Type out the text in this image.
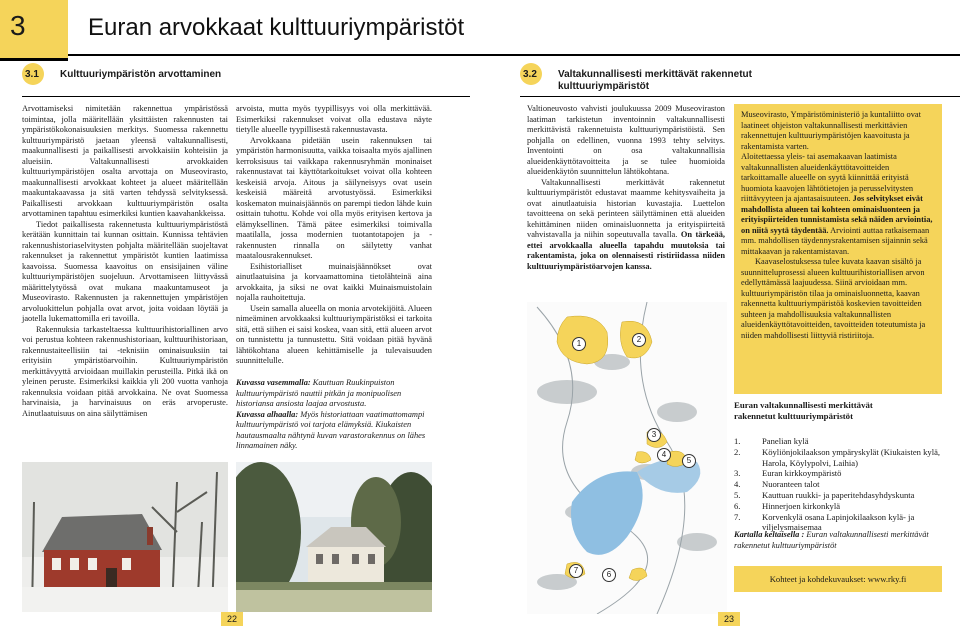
3	Euran arvokkaat kulttuuriympäristöt
3.1 Kulttuuriympäristön arvottaminen	3.2 Valtakunnallisesti merkittävät rakennetut
kulttuuriympäristöt

Arvottamiseksi nimitetään rakennettua ympäristössä toimintaa, jolla määritellään yksittäisten rakennusten tai ympäristökokonaisuuksien merkitys. Suomessa rakennettu kulttuuriympäristö jaetaan yleensä valtakunnallisesti, maakunnallisesti ja paikallisesti arvokkaisiin kohteisiin ja alueisiin. Valtakunnallisesti arvokkaiden kulttuuriympäristöjen osalta arvottaja on Museovirasto, maakunnallisesti arvokkaat kohteet ja alueet määritellään maakuntakaavassa ja sitä varten tehdyssä selvityksessä. Paikallisesti arvokkaan kulttuuriympäristön osalta arvottaminen tapahtuu esimerkiksi kuntien kaavahankkeissa.

Tiedot paikallisesta rakennetusta kulttuuriympäristöstä kerätään kunnittain tai kunnan osittain. Kunnissa tehtävien rakennushistoriaselvitysten pohjalta määritellään suojeltavat rakennukset ja rakennettut ympäristöt kuntien laatimissa kaavoissa. Suomessa kaavoitus on ensisijainen väline kulttuuriympäristöjen suojeluun. Arvottamiseen liittyvässä määrittelytyössä ovat mukana maakuntamuseot ja Museovirasto. Rakennusten ja rakennettujen ympäristöjen arvoluokittelun pohjalla ovat arvot, joita voidaan löytää ja jaotella lukemattomilla eri tavoilla.

Rakennuksia tarkasteltaessa kulttuurihistoriallinen arvo voi perustua kohteen rakennushistoriaan, kulttuurihistoriaan, rakennustaiteellisiin tai -teknisiin ominaisuuksiin tai erityisiin ympäristöarvoihin. Kulttuuriympäristön merkittävyyttä arvioidaan muillakin perusteilla. Pitkä ikä on yleinen peruste. Esimerkiksi kaikkia yli 200 vuotta vanhoja rakennuksia voidaan pitää arvokkaina. Ne ovat Suomessa harvinaisia, ja harvinaisuus on eräs arvoperuste. Ainutlaatuisuus on aina säilyttämisen

arvoista, mutta myös tyypillisyys voi olla merkittävää. Esimerkiksi rakennukset voivat olla edustava näyte tietylle alueelle tyypillisestä rakennustavasta.

Arvokkaana pidetään usein rakennuksen tai ympäristön harmonisuutta, vaikka toisaalta myös ajallinen kerroksisuus tai vaikkapa rakennusryhmän moninaiset rakennustavat tai käyttötarkoitukset voivat olla kohteen keskeisiä arvoja. Aitous ja säilyneisyys ovat usein keskeisiä määreitä arvotustyössä. Esimerkiksi koskematon muinaisjäännös on parempi tiedon lähde kuin osittain tuhottu. Kohde voi olla myös erityisen kertova ja elämyksellinen. Tämä pätee esimerkiksi toimivalla maatilalla, jossa modernien tuotantotapojen ja -rakennusten rinnalla on säilytetty vanhat maatalousrakennukset.

Esihistorialliset muinaisjäännökset ovat ainutlaatuisina ja korvaamattomina tietolähteinä aina arvokkaita, ja siksi ne ovat kaikki Muinaismuistolain nojalla rauhoitettuja.

Usein samalla alueella on monia arvotekijöitä. Alueen nimeäminen arvokkaaksi kulttuuriympäristöksi ei tarkoita sitä, että siihen ei saisi koskea, vaan sitä, että alueen arvot on tunnistettu ja tunnustettu. Sitä voidaan pitää hyvänä lähtökohtana alueen kehittämiselle ja tulevaisuuden suunnittelulle.

Kuvassa vasemmalla: Kauttuan Ruukinpuiston kulttuuriympäristö nauttii pitkän ja monipuolisen historiansa ansiosta laajaa arvostusta.
Kuvassa alhaalla: Myös historiattaan vaatimattomampi kulttuuriympäristö voi tarjota elämyksiä. Kiukaisten hautausmaalta nähtynä kuvan varastorakennus on lähes linnamainen näky.

Valtioneuvosto vahvisti joulukuussa 2009 Museoviraston laatiman tarkistetun inventoinnin valtakunnallisesti merkittävistä rakennetuista kulttuuriympäristöistä. Sen pohjalla on edellinen, vuonna 1993 tehty selvitys. Inventointi on osa valtakunnallisia alueidenkäyttötavoitteita ja se tulee huomioida alueidenkäytön suunnittelun lähtökohtana.

Valtakunnallisesti merkittävät rakennetut kulttuuriympäristöt edustavat maamme kehitysvaiheita ja ovat ainutlaatuisia historian kuvastajia. Luettelon tavoitteena on sekä perinteen säilyttäminen että alueiden kehittäminen niiden ominaisluonnetta ja erityispiirteitä vahvistavalla ja niihin sopeutuvalla tavalla. On tärkeää, ettei arvokkaalla alueella tapahdu muutoksia tai rakentamista, joka on olennaisesti ristiriidassa niiden kulttuuriympäristöarvojen kanssa.

1	2
3
4
5
6
7

Museovirasto, Ympäristöministeriö ja kuntaliitto ovat laatineet ohjeiston valtakunnallisesti merkittävien rakennettujen kulttuuriympäristöjen kaavoitusta ja rakentamista varten.

Aloitettaessa yleis- tai asemakaavan laatimista valtakunnallisten alueidenkäyttötavoitteiden tarkoittamalle alueelle on syytä kiinnittää erityistä huomiota kaavojen lähtötietojen ja perusselvitysten riittävyyteen ja ajantasaisuuteen. Jos selvitykset eivät mahdollista alueen tai kohteen ominaisluonteen ja erityispiirteiden tunnistamista sekä näiden arviointia, on niitä syytä täydentää. Arviointi auttaa ratkaisemaan mm. mahdollisen täydennysrakentamisen sijainnin sekä mittakaavan ja rakentamistavan.

Kaavaselostuksessa tulee kuvata kaavan sisältö ja suunnitteluprosessi alueen kulttuurihistoriallisen arvon edellyttämässä laajuudessa. Siinä arvioidaan mm. kulttuuriympäristön tilaa ja ominaisluonnetta, kaavan rakennetta kulttuuriympäristöä koskevien tavoitteiden suhteen ja mahdollisuuksia valtakunnallisten alueidenkäyttötavoitteiden, tavoitteiden toteutumista ja niiden mahdollisesti liittyviä ristiriitoja.

Euran valtakunnallisesti merkittävät
rakennetut kulttuuriympäristöt
1.	Panelian kylä
2.	Köyliönjokilaakson ympäryskylät (Kiukaisten kylä, Harola, Köylypolvi, Laihia)
3.	Euran kirkkoympäristö
4.	Nuoranteen talot
5.	Kauttuan ruukki- ja paperitehdasyhdyskunta
6.	Hinnerjoen kirkonkylä
7.	Korvenkylä osana Lapinjokilaakson kylä- ja viljelysmaisemaa
Kartalla keltaisella : Euran valtakunnallisesti merkittävät rakennetut kulttuuriympäristöt
Kohteet ja kohdekuvaukset: www.rky.fi
22	23
